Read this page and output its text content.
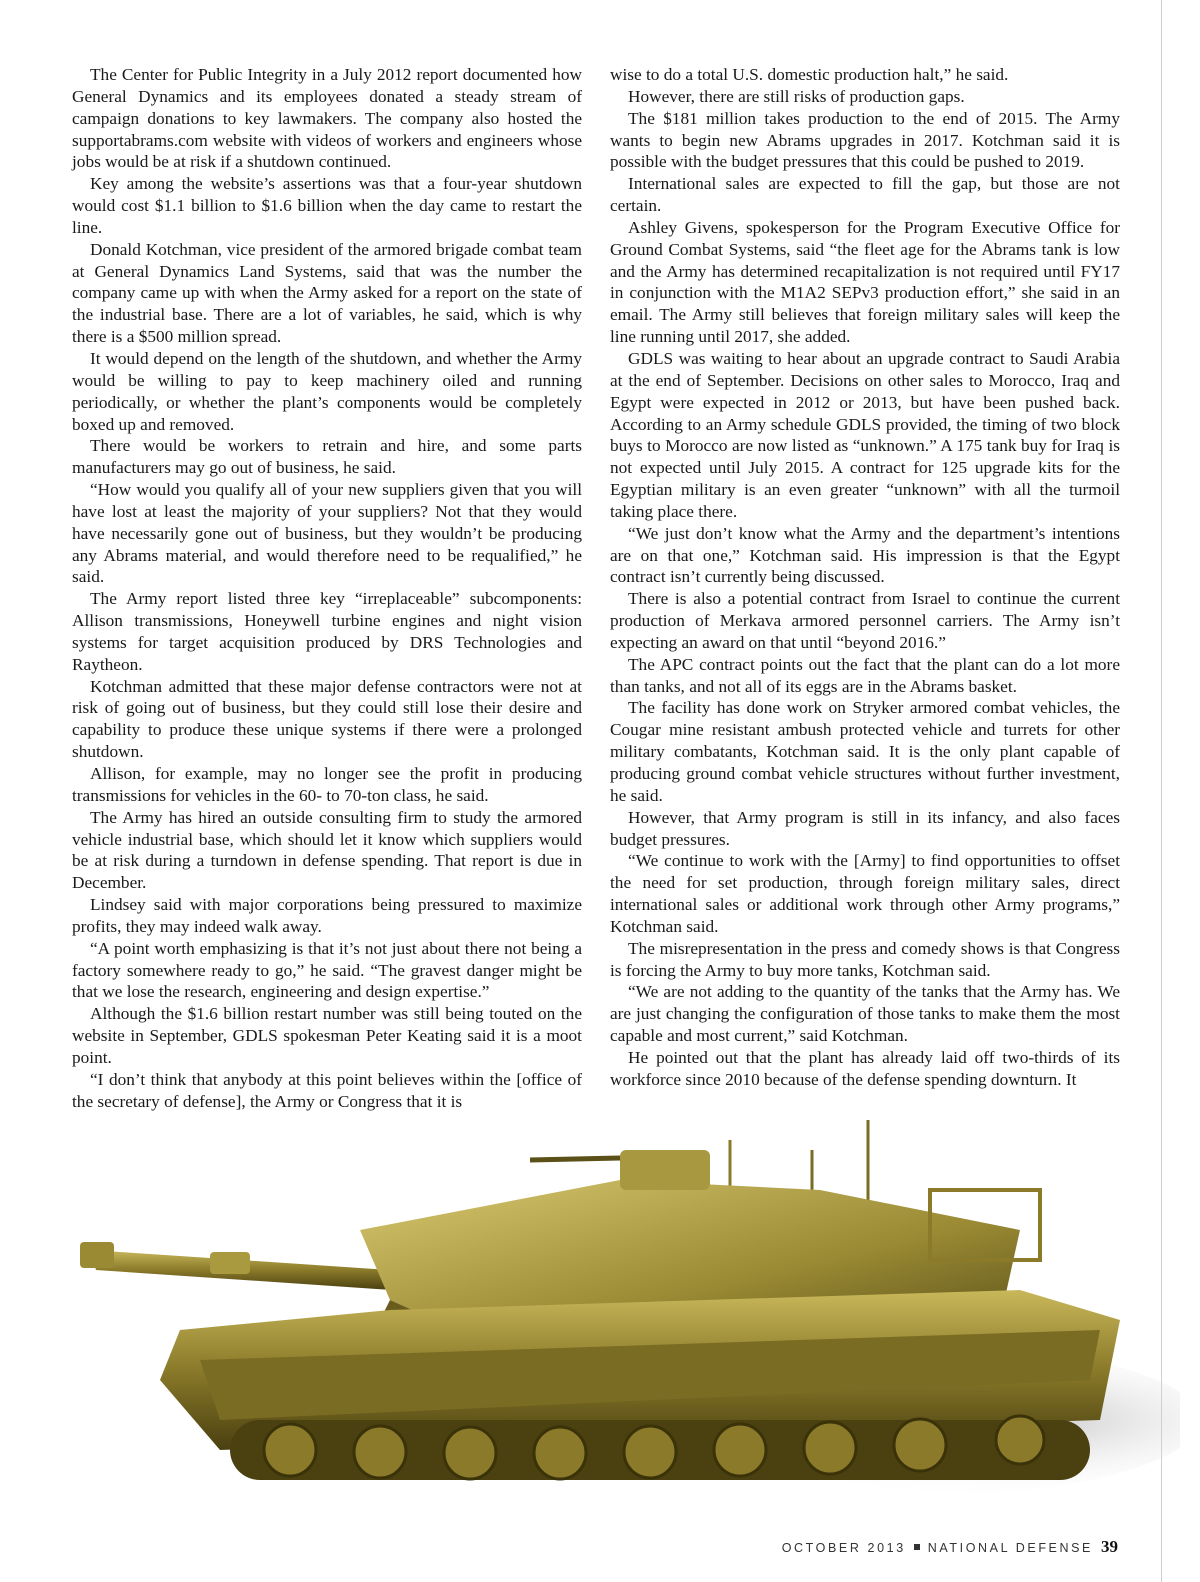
The Center for Public Integrity in a July 2012 report documented how General Dynamics and its employees donated a steady stream of campaign donations to key lawmakers. The company also hosted the supportabrams.com website with videos of workers and engineers whose jobs would be at risk if a shutdown continued.

Key among the website’s assertions was that a four-year shutdown would cost $1.1 billion to $1.6 billion when the day came to restart the line.

Donald Kotchman, vice president of the armored brigade combat team at General Dynamics Land Systems, said that was the number the company came up with when the Army asked for a report on the state of the industrial base. There are a lot of variables, he said, which is why there is a $500 million spread.

It would depend on the length of the shutdown, and whether the Army would be willing to pay to keep machinery oiled and running periodically, or whether the plant’s components would be completely boxed up and removed.

There would be workers to retrain and hire, and some parts manufacturers may go out of business, he said.

“How would you qualify all of your new suppliers given that you will have lost at least the majority of your suppliers? Not that they would have necessarily gone out of business, but they wouldn’t be producing any Abrams material, and would therefore need to be requalified,” he said.

The Army report listed three key “irreplaceable” subcomponents: Allison transmissions, Honeywell turbine engines and night vision systems for target acquisition produced by DRS Technologies and Raytheon.

Kotchman admitted that these major defense contractors were not at risk of going out of business, but they could still lose their desire and capability to produce these unique systems if there were a prolonged shutdown.

Allison, for example, may no longer see the profit in producing transmissions for vehicles in the 60- to 70-ton class, he said.

The Army has hired an outside consulting firm to study the armored vehicle industrial base, which should let it know which suppliers would be at risk during a turndown in defense spending. That report is due in December.

Lindsey said with major corporations being pressured to maximize profits, they may indeed walk away.

“A point worth emphasizing is that it’s not just about there not being a factory somewhere ready to go,” he said. “The gravest danger might be that we lose the research, engineering and design expertise.”

Although the $1.6 billion restart number was still being touted on the website in September, GDLS spokesman Peter Keating said it is a moot point.

“I don’t think that anybody at this point believes within the [office of the secretary of defense], the Army or Congress that it is

wise to do a total U.S. domestic production halt,” he said.

However, there are still risks of production gaps.

The $181 million takes production to the end of 2015. The Army wants to begin new Abrams upgrades in 2017. Kotchman said it is possible with the budget pressures that this could be pushed to 2019.

International sales are expected to fill the gap, but those are not certain.

Ashley Givens, spokesperson for the Program Executive Office for Ground Combat Systems, said “the fleet age for the Abrams tank is low and the Army has determined recapitalization is not required until FY17 in conjunction with the M1A2 SEPv3 production effort,” she said in an email. The Army still believes that foreign military sales will keep the line running until 2017, she added.

GDLS was waiting to hear about an upgrade contract to Saudi Arabia at the end of September. Decisions on other sales to Morocco, Iraq and Egypt were expected in 2012 or 2013, but have been pushed back. According to an Army schedule GDLS provided, the timing of two block buys to Morocco are now listed as “unknown.” A 175 tank buy for Iraq is not expected until July 2015. A contract for 125 upgrade kits for the Egyptian military is an even greater “unknown” with all the turmoil taking place there.

“We just don’t know what the Army and the department’s intentions are on that one,” Kotchman said. His impression is that the Egypt contract isn’t currently being discussed.

There is also a potential contract from Israel to continue the current production of Merkava armored personnel carriers. The Army isn’t expecting an award on that until “beyond 2016.”

The APC contract points out the fact that the plant can do a lot more than tanks, and not all of its eggs are in the Abrams basket.

The facility has done work on Stryker armored combat vehicles, the Cougar mine resistant ambush protected vehicle and turrets for other military combatants, Kotchman said. It is the only plant capable of producing ground combat vehicle structures without further investment, he said.

However, that Army program is still in its infancy, and also faces budget pressures.

“We continue to work with the [Army] to find opportunities to offset the need for set production, through foreign military sales, direct international sales or additional work through other Army programs,” Kotchman said.

The misrepresentation in the press and comedy shows is that Congress is forcing the Army to buy more tanks, Kotchman said.

“We are not adding to the quantity of the tanks that the Army has. We are just changing the configuration of those tanks to make them the most capable and most current,” said Kotchman.

He pointed out that the plant has already laid off two-thirds of its workforce since 2010 because of the defense spending downturn. It

OCTOBER 2013 NATIONAL DEFENSE 39
